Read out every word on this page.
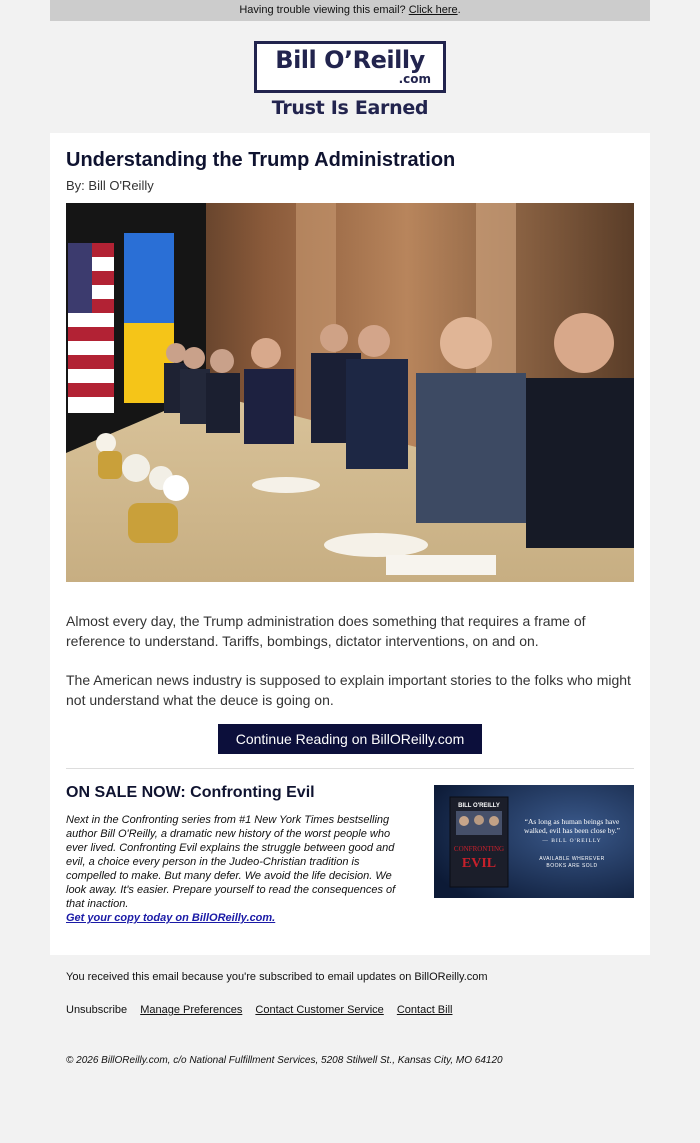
Having trouble viewing this email? Click here.
Bill O’Reilly
.com
Trust Is Earned
Understanding the Trump Administration
By: Bill O'Reilly

Almost every day, the Trump administration does something that requires a frame of reference to understand. Tariffs, bombings, dictator interventions, on and on.

The American news industry is supposed to explain important stories to the folks who might not understand what the deuce is going on.

Continue Reading on BillOReilly.com
ON SALE NOW: Confronting Evil

Next in the Confronting series from #1 New York Times bestselling author Bill O'Reilly, a dramatic new history of the worst people who ever lived. Confronting Evil explains the struggle between good and evil, a choice every person in the Judeo-Christian tradition is compelled to make. But many defer. We avoid the life decision. We look away. It's easier. Prepare yourself to read the consequences of that inaction.
Get your copy today on BillOReilly.com.

BILL O'REILLY
CONFRONTING
EVIL
“As long as human beings have walked, evil has been close by.”
— BILL O'REILLY
AVAILABLE WHEREVER BOOKS ARE SOLD
You received this email because you're subscribed to email updates on BillOReilly.com
Unsubscribe Manage Preferences Contact Customer Service Contact Bill
© 2026 BillOReilly.com, c/o National Fulfillment Services, 5208 Stilwell St., Kansas City, MO 64120
